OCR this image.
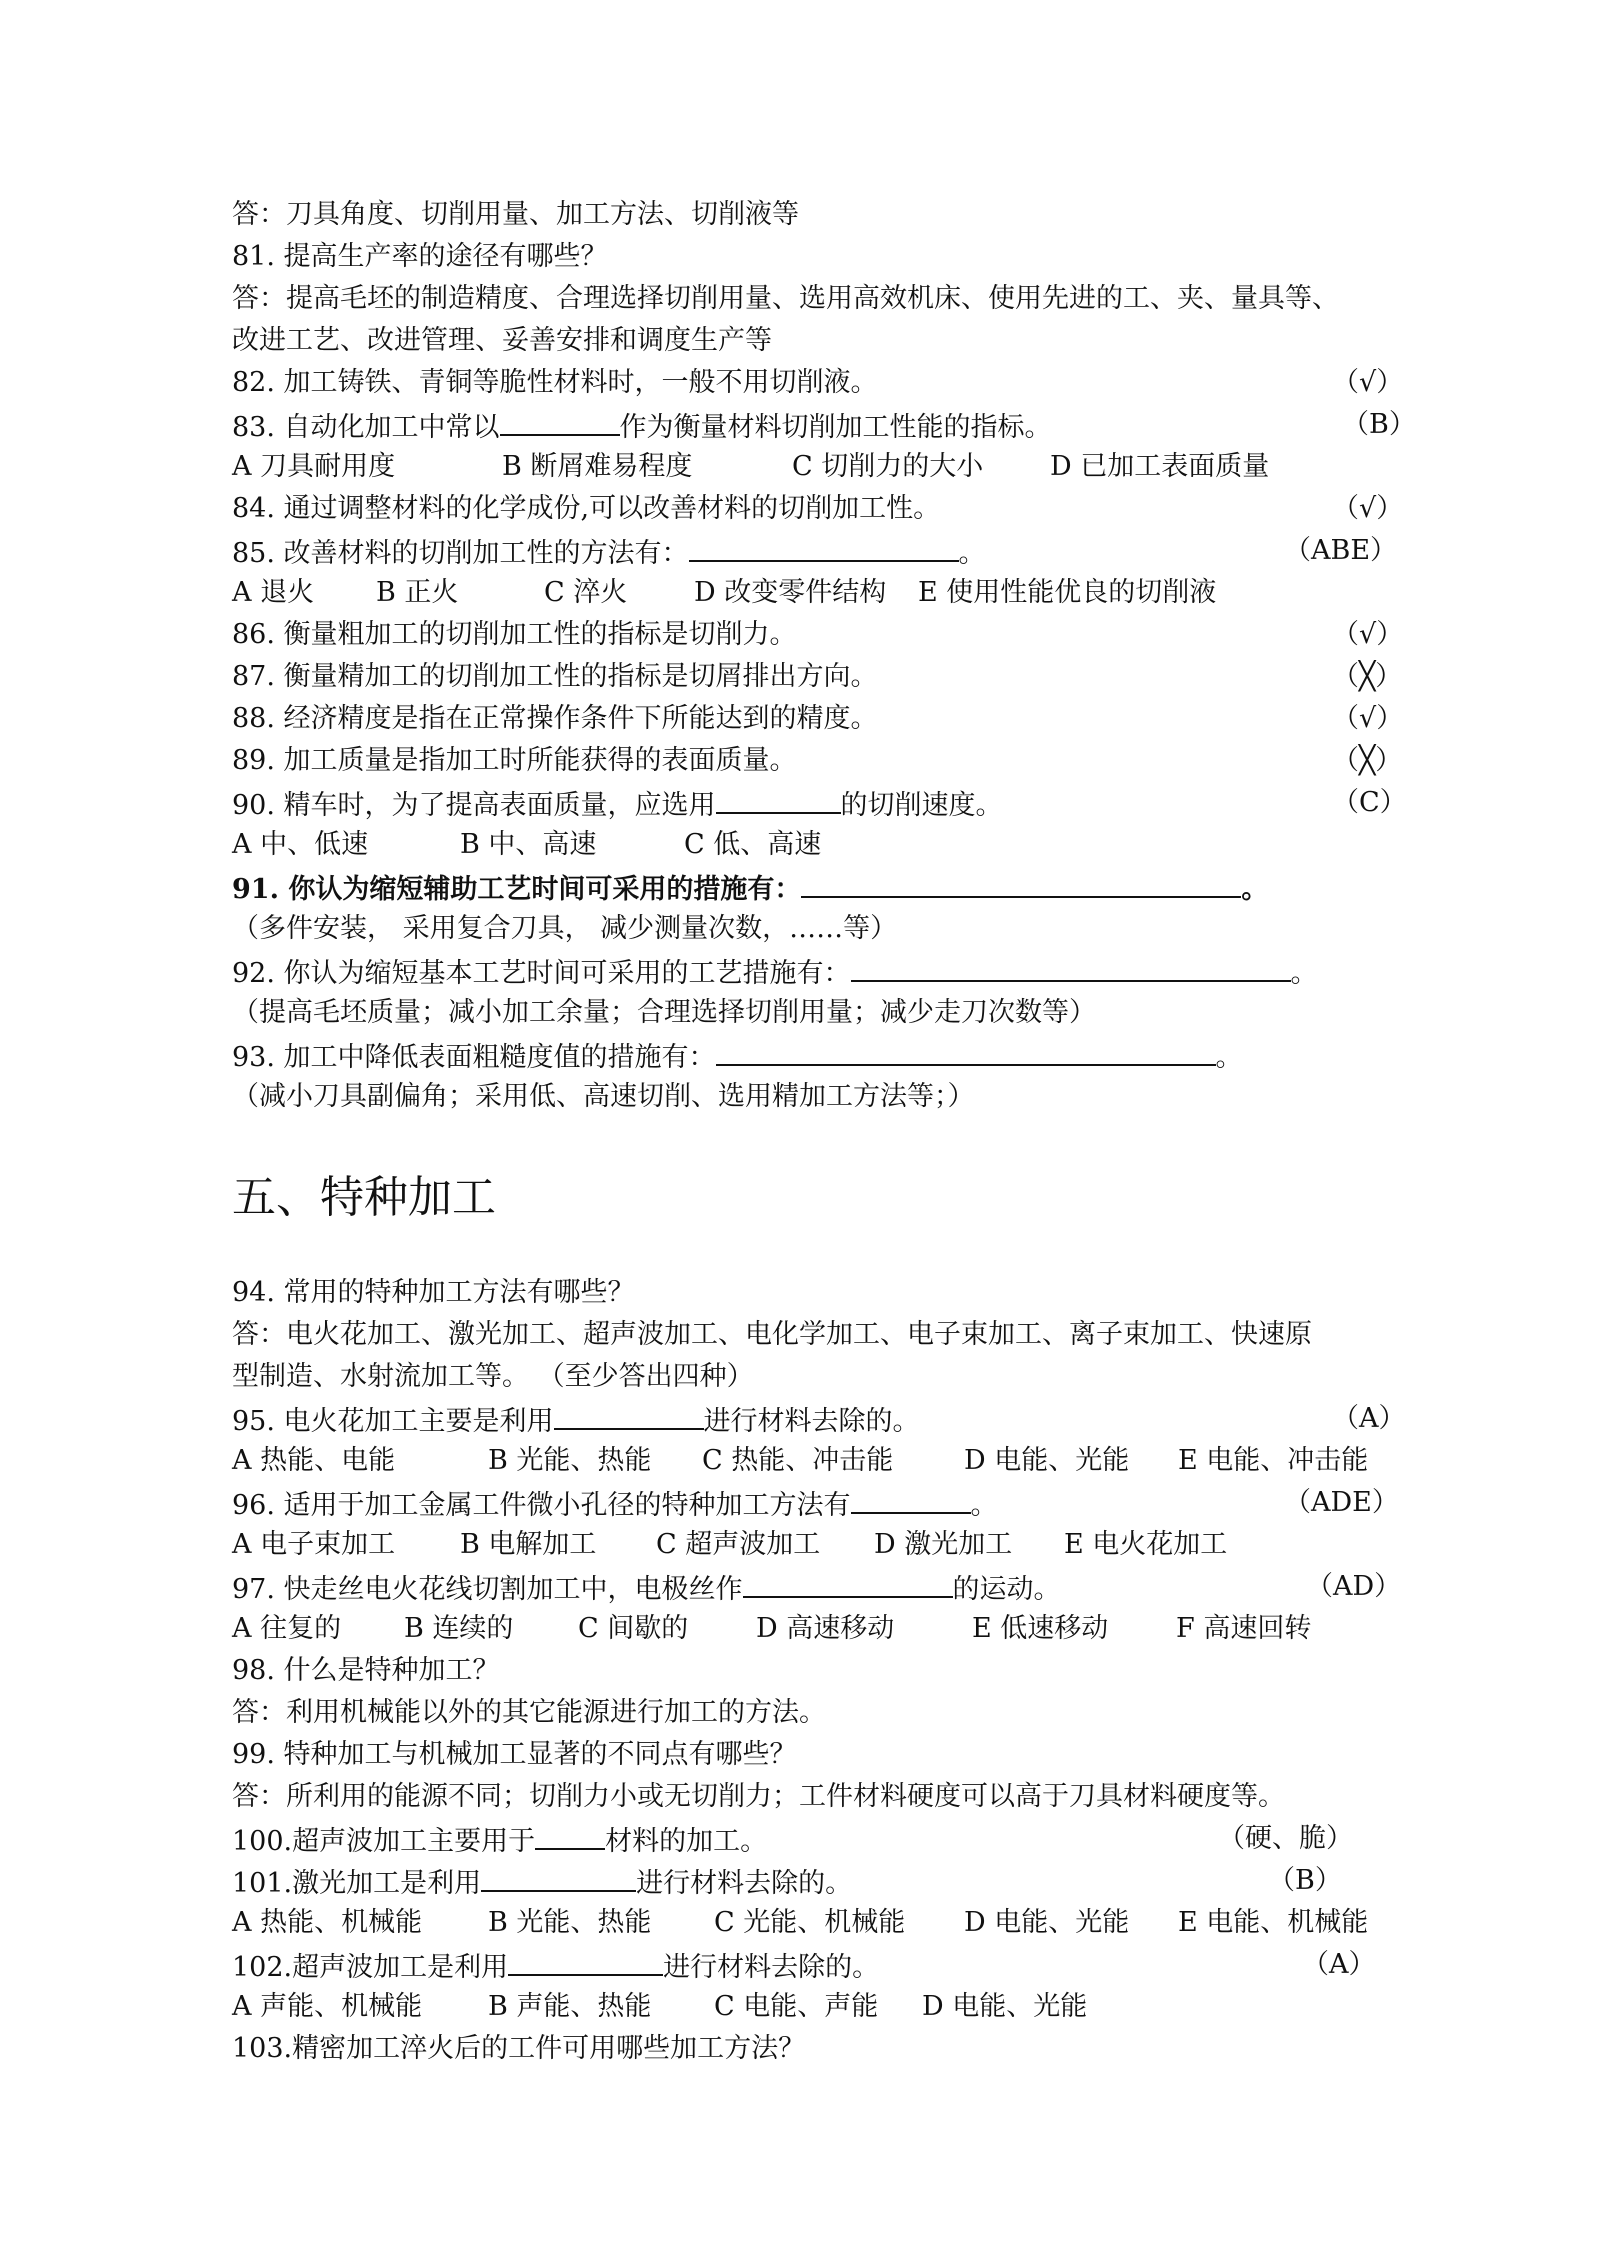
答：刀具角度、切削用量、加工方法、切削液等
81. 提高生产率的途径有哪些？
答：提高毛坯的制造精度、合理选择切削用量、选用高效机床、使用先进的工、夹、量具等、
改进工艺、改进管理、妥善安排和调度生产等
82. 加工铸铁、青铜等脆性材料时，一般不用切削液。	（√）
83. 自动化加工中常以	作为衡量材料切削加工性能的指标。	（B）
A 刀具耐用度	B 断屑难易程度	C 切削力的大小 D 已加工表面质量
84. 通过调整材料的化学成份,可以改善材料的切削加工性。	（√）
85. 改善材料的切削加工性的方法有：	。	（ABE）
A 退火 B 正火	C 淬火 D 改变零件结构 E 使用性能优良的切削液
86. 衡量粗加工的切削加工性的指标是切削力。	（√）
87. 衡量精加工的切削加工性的指标是切屑排出方向。	（╳）
88. 经济精度是指在正常操作条件下所能达到的精度。	（√）
89. 加工质量是指加工时所能获得的表面质量。	（╳）
90. 精车时，为了提高表面质量，应选用	的切削速度。	（C）
A 中、低速	B 中、高速	C 低、高速
91. 你认为缩短辅助工艺时间可采用的措施有：	。
（多件安装， 采用复合刀具， 减少测量次数，……等）
92. 你认为缩短基本工艺时间可采用的工艺措施有：	。
（提高毛坯质量；减小加工余量；合理选择切削用量；减少走刀次数等）
93. 加工中降低表面粗糙度值的措施有：	。
（减小刀具副偏角；采用低、高速切削、选用精加工方法等；）
五、特种加工
94. 常用的特种加工方法有哪些？
答：电火花加工、激光加工、超声波加工、电化学加工、电子束加工、离子束加工、快速原
型制造、水射流加工等。 （至少答出四种）
95. 电火花加工主要是利用	进行材料去除的。	（A）
A 热能、电能	B 光能、热能 C 热能、冲击能	D 电能、光能 E 电能、冲击能
96. 适用于加工金属工件微小孔径的特种加工方法有	。	（ADE）
A 电子束加工 B 电解加工 C 超声波加工 D 激光加工 E 电火花加工
97. 快走丝电火花线切割加工中，电极丝作	的运动。	（AD）
A 往复的 B 连续的 C 间歇的	D 高速移动	E 低速移动	F 高速回转
98. 什么是特种加工？
答：利用机械能以外的其它能源进行加工的方法。
99. 特种加工与机械加工显著的不同点有哪些？
答：所利用的能源不同；切削力小或无切削力；工件材料硬度可以高于刀具材料硬度等。
100.超声波加工主要用于	材料的加工。	（硬、脆）
101.激光加工是利用	进行材料去除的。	（B）
A 热能、机械能 B 光能、热能 C 光能、机械能 D 电能、光能 E 电能、机械能
102.超声波加工是利用	进行材料去除的。	（A）
A 声能、机械能 B 声能、热能 C 电能、声能 D 电能、光能
103.精密加工淬火后的工件可用哪些加工方法？
